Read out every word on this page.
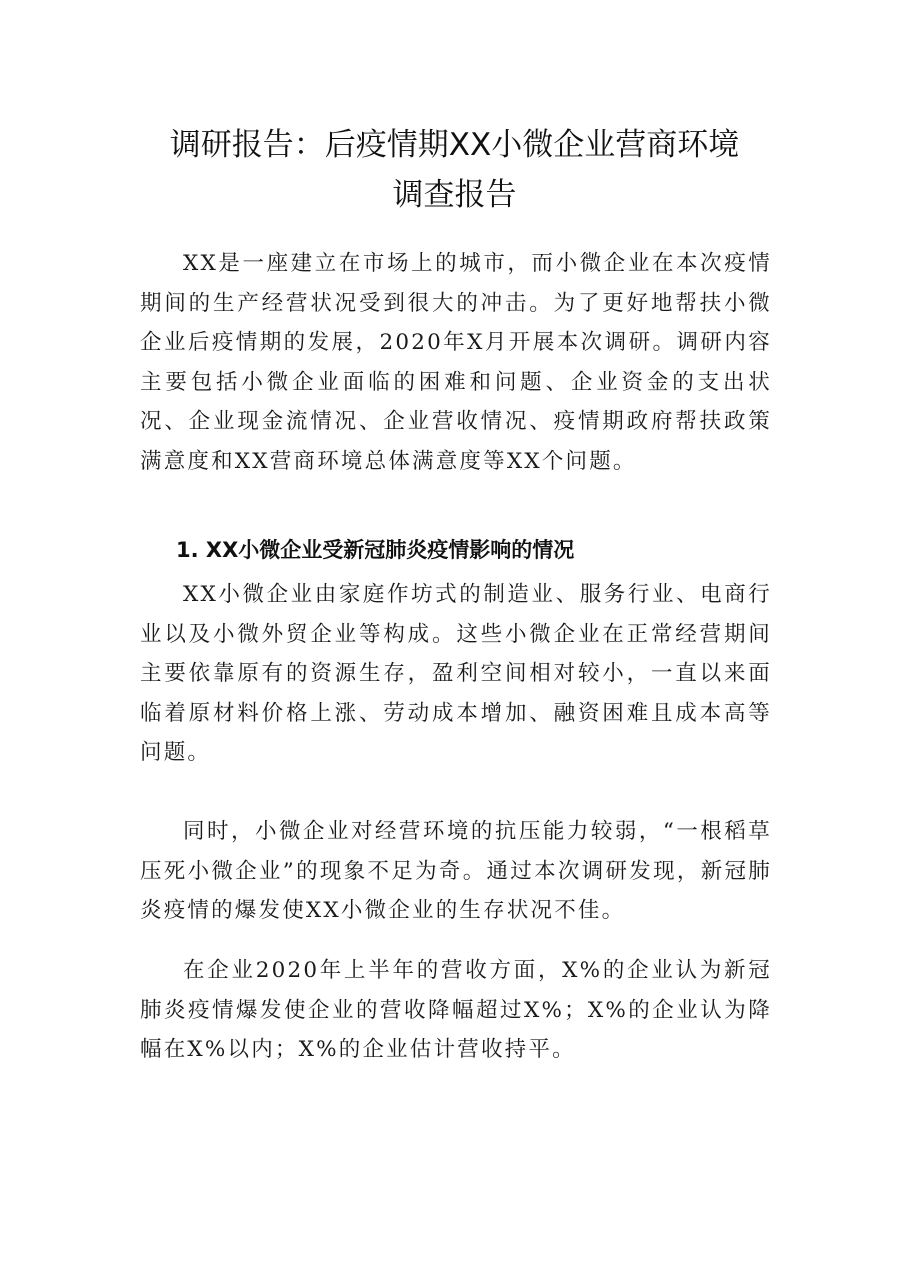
调研报告：后疫情期XX小微企业营商环境
调查报告

XX是一座建立在市场上的城市，而小微企业在本次疫情期间的生产经营状况受到很大的冲击。为了更好地帮扶小微企业后疫情期的发展，2020年X月开展本次调研。调研内容主要包括小微企业面临的困难和问题、企业资金的支出状况、企业现金流情况、企业营收情况、疫情期政府帮扶政策满意度和XX营商环境总体满意度等XX个问题。

1. XX小微企业受新冠肺炎疫情影响的情况

XX小微企业由家庭作坊式的制造业、服务行业、电商行业以及小微外贸企业等构成。这些小微企业在正常经营期间主要依靠原有的资源生存，盈利空间相对较小，一直以来面临着原材料价格上涨、劳动成本增加、融资困难且成本高等问题。

同时，小微企业对经营环境的抗压能力较弱，“一根稻草压死小微企业”的现象不足为奇。通过本次调研发现，新冠肺炎疫情的爆发使XX小微企业的生存状况不佳。

在企业2020年上半年的营收方面，X%的企业认为新冠肺炎疫情爆发使企业的营收降幅超过X%；X%的企业认为降幅在X%以内；X%的企业估计营收持平。
